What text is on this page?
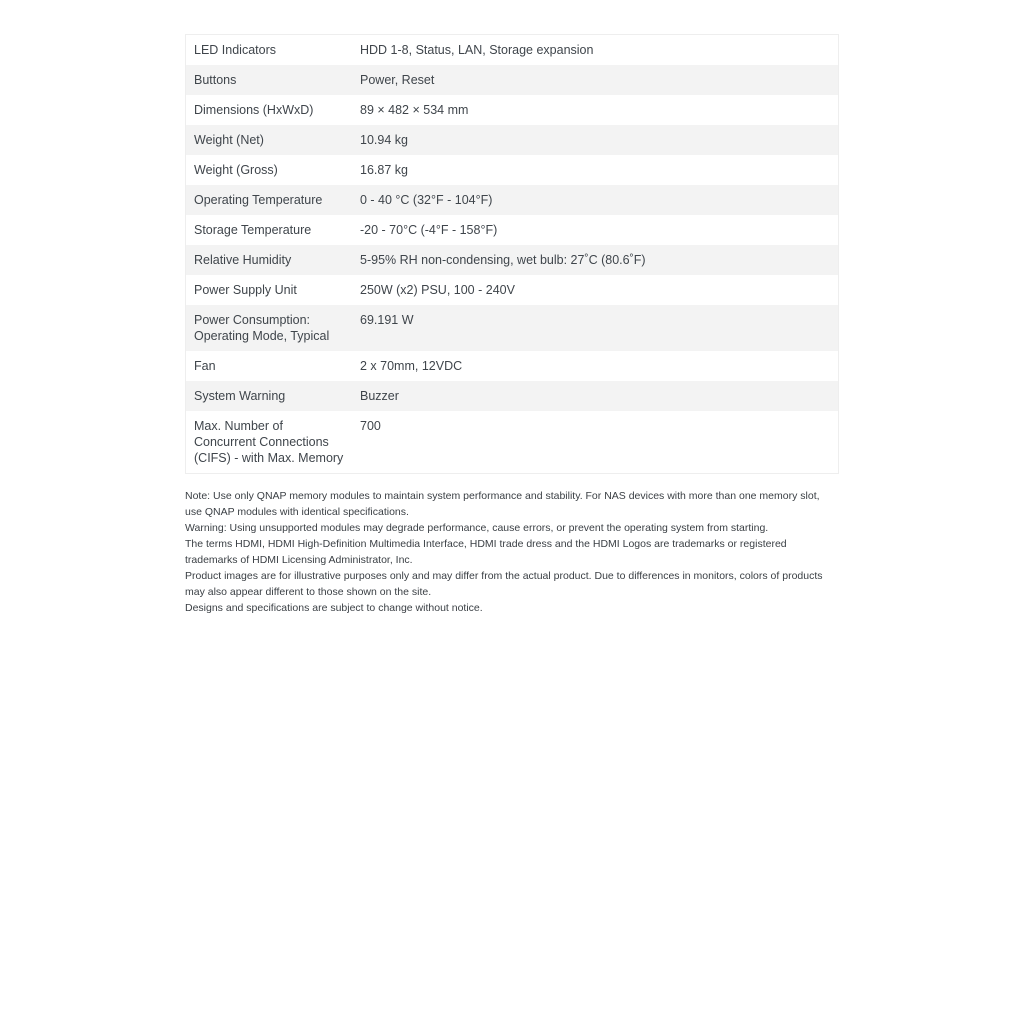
LED Indicators	HDD 1-8, Status, LAN, Storage expansion
Buttons	Power, Reset
Dimensions (HxWxD)	89 × 482 × 534 mm
Weight (Net)	10.94 kg
Weight (Gross)	16.87 kg
Operating Temperature	0 - 40 °C (32°F - 104°F)
Storage Temperature	-20 - 70°C (-4°F - 158°F)
Relative Humidity	5-95% RH non-condensing, wet bulb: 27˚C (80.6˚F)
Power Supply Unit	250W (x2) PSU, 100 - 240V
Power Consumption: Operating Mode, Typical	69.191 W
Fan	2 x 70mm, 12VDC
System Warning	Buzzer
Max. Number of Concurrent Connections (CIFS) - with Max. Memory	700

Note: Use only QNAP memory modules to maintain system performance and stability. For NAS devices with more than one memory slot, use QNAP modules with identical specifications.

Warning: Using unsupported modules may degrade performance, cause errors, or prevent the operating system from starting.

The terms HDMI, HDMI High-Definition Multimedia Interface, HDMI trade dress and the HDMI Logos are trademarks or registered trademarks of HDMI Licensing Administrator, Inc.

Product images are for illustrative purposes only and may differ from the actual product. Due to differences in monitors, colors of products may also appear different to those shown on the site.

Designs and specifications are subject to change without notice.
